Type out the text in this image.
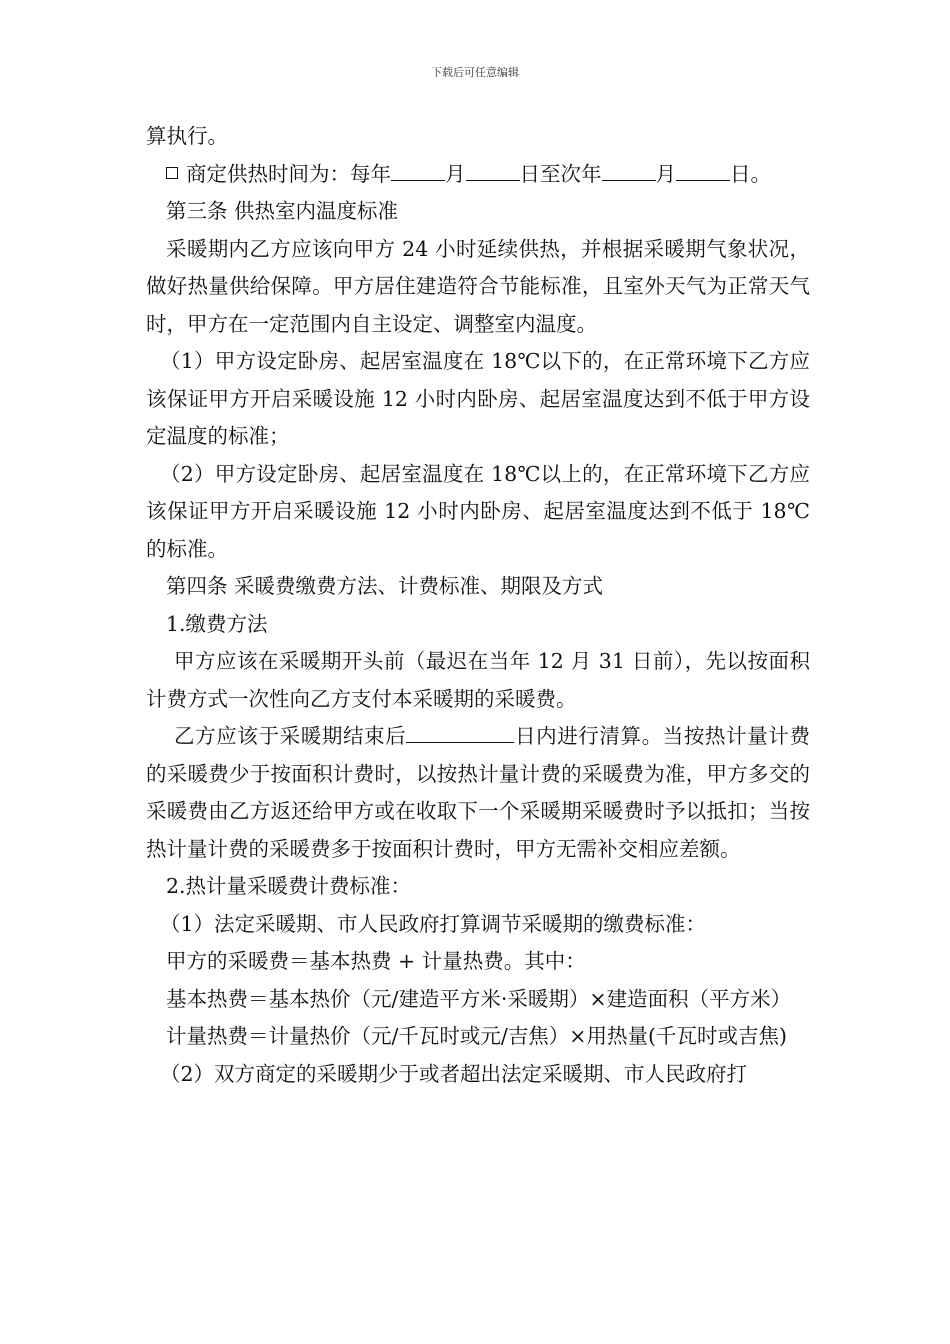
下载后可任意编辑

算执行。

商定供热时间为：每年	月	日至次年	月	日。

第三条 供热室内温度标准

采暖期内乙方应该向甲方 24 小时延续供热，并根据采暖期气象状况，做好热量供给保障。甲方居住建造符合节能标准，且室外天气为正常天气时，甲方在一定范围内自主设定、调整室内温度。

（1）甲方设定卧房、起居室温度在 18℃以下的，在正常环境下乙方应该保证甲方开启采暖设施 12 小时内卧房、起居室温度达到不低于甲方设定温度的标准；

（2）甲方设定卧房、起居室温度在 18℃以上的，在正常环境下乙方应该保证甲方开启采暖设施 12 小时内卧房、起居室温度达到不低于 18℃的标准。

第四条 采暖费缴费方法、计费标准、期限及方式

1.缴费方法

甲方应该在采暖期开头前（最迟在当年 12 月 31 日前），先以按面积计费方式一次性向乙方支付本采暖期的采暖费。

乙方应该于采暖期结束后	日内进行清算。当按热计量计费的采暖费少于按面积计费时，以按热计量计费的采暖费为准，甲方多交的采暖费由乙方返还给甲方或在收取下一个采暖期采暖费时予以抵扣；当按热计量计费的采暖费多于按面积计费时，甲方无需补交相应差额。

2.热计量采暖费计费标准：

（1）法定采暖期、市人民政府打算调节采暖期的缴费标准：

甲方的采暖费＝基本热费 + 计量热费。其中：

基本热费＝基本热价（元/建造平方米·采暖期）×建造面积（平方米）

计量热费＝计量热价（元/千瓦时或元/吉焦）×用热量(千瓦时或吉焦)

（2）双方商定的采暖期少于或者超出法定采暖期、市人民政府打
